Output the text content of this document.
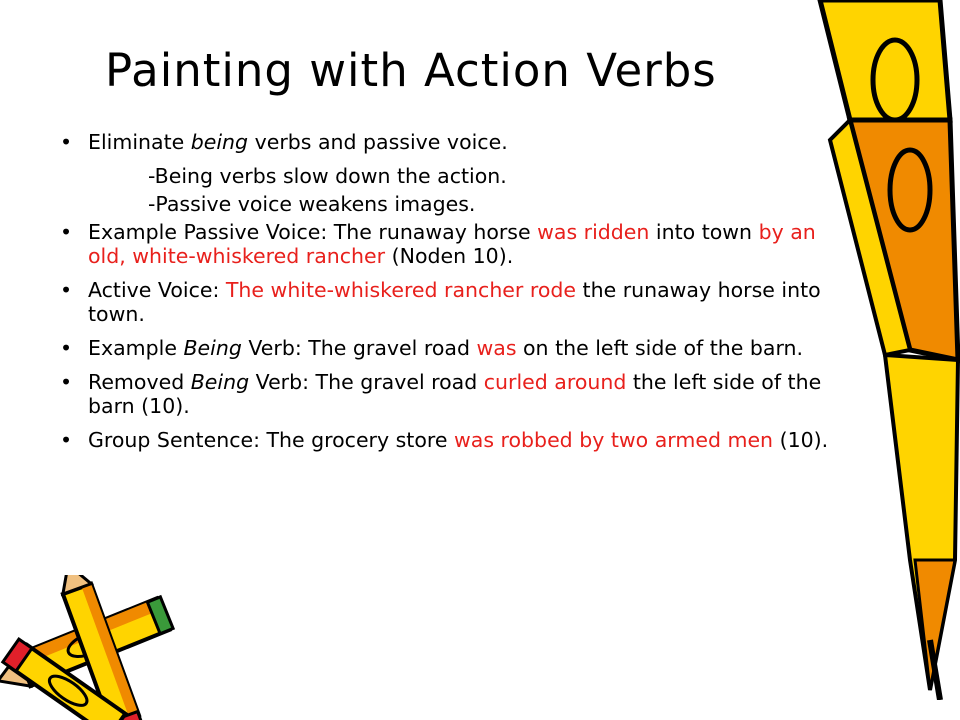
Painting with Action Verbs
• Eliminate being verbs and passive voice.
-Being verbs slow down the action.
-Passive voice weakens images.
• Example Passive Voice: The runaway horse was ridden into town by an old, white-whiskered rancher (Noden 10).
• Active Voice: The white-whiskered rancher rode the runaway horse into town.
• Example Being Verb: The gravel road was on the left side of the barn.
• Removed Being Verb: The gravel road curled around the left side of the barn (10).
• Group Sentence: The grocery store was robbed by two armed men (10).
